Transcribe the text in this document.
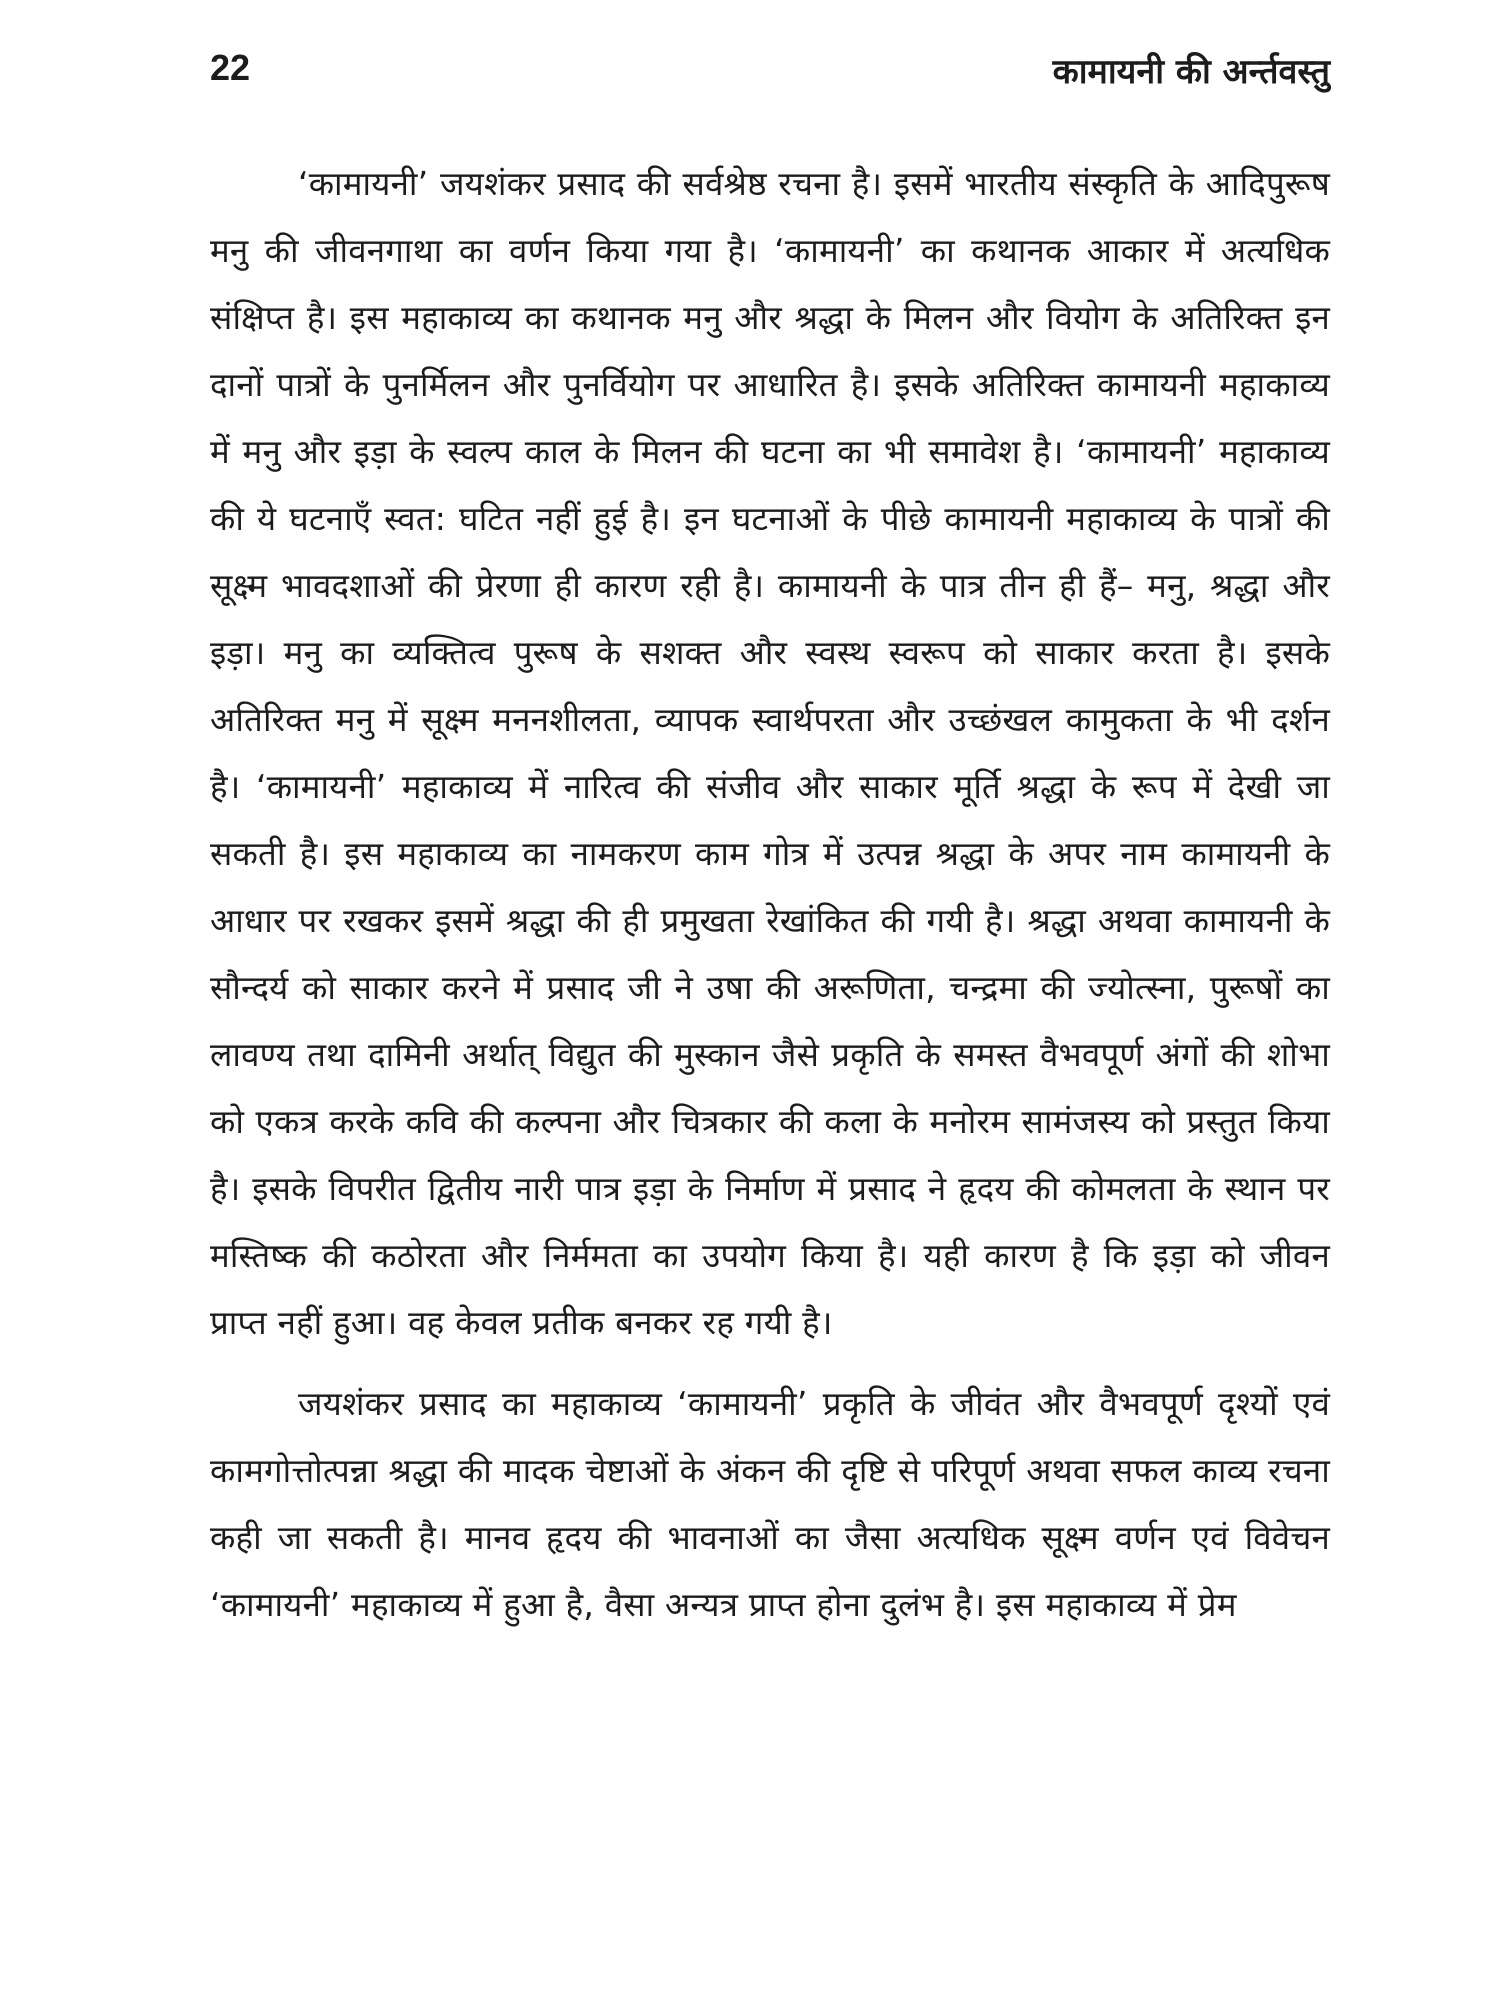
22	कामायनी की अर्न्तवस्तु

‘कामायनी’ जयशंकर प्रसाद की सर्वश्रेष्ठ रचना है। इसमें भारतीय संस्कृति के आदिपुरूष मनु की जीवनगाथा का वर्णन किया गया है। ‘कामायनी’ का कथानक आकार में अत्यधिक संक्षिप्त है। इस महाकाव्य का कथानक मनु और श्रद्धा के मिलन और वियोग के अतिरिक्त इन दानों पात्रों के पुनर्मिलन और पुनर्वियोग पर आधारित है। इसके अतिरिक्त कामायनी महाकाव्य में मनु और इड़ा के स्वल्प काल के मिलन की घटना का भी समावेश है। ‘कामायनी’ महाकाव्य की ये घटनाएँ स्वत: घटित नहीं हुई है। इन घटनाओं के पीछे कामायनी महाकाव्य के पात्रों की सूक्ष्म भावदशाओं की प्रेरणा ही कारण रही है। कामायनी के पात्र तीन ही हैं– मनु, श्रद्धा और इड़ा। मनु का व्यक्तित्व पुरूष के सशक्त और स्वस्थ स्वरूप को साकार करता है। इसके अतिरिक्त मनु में सूक्ष्म मननशीलता, व्यापक स्वार्थपरता और उच्छंखल कामुकता के भी दर्शन है। ‘कामायनी’ महाकाव्य में नारित्व की संजीव और साकार मूर्ति श्रद्धा के रूप में देखी जा सकती है। इस महाकाव्य का नामकरण काम गोत्र में उत्पन्न श्रद्धा के अपर नाम कामायनी के आधार पर रखकर इसमें श्रद्धा की ही प्रमुखता रेखांकित की गयी है। श्रद्धा अथवा कामायनी के सौन्दर्य को साकार करने में प्रसाद जी ने उषा की अरूणिता, चन्द्रमा की ज्योत्स्ना, पुरूषों का लावण्य तथा दामिनी अर्थात् विद्युत की मुस्कान जैसे प्रकृति के समस्त वैभवपूर्ण अंगों की शोभा को एकत्र करके कवि की कल्पना और चित्रकार की कला के मनोरम सामंजस्य को प्रस्तुत किया है। इसके विपरीत द्वितीय नारी पात्र इड़ा के निर्माण में प्रसाद ने हृदय की कोमलता के स्थान पर मस्तिष्क की कठोरता और निर्ममता का उपयोग किया है। यही कारण है कि इड़ा को जीवन प्राप्त नहीं हुआ। वह केवल प्रतीक बनकर रह गयी है।

जयशंकर प्रसाद का महाकाव्य ‘कामायनी’ प्रकृति के जीवंत और वैभवपूर्ण दृश्यों एवं कामगोत्तोत्पन्ना श्रद्धा की मादक चेष्टाओं के अंकन की दृष्टि से परिपूर्ण अथवा सफल काव्य रचना कही जा सकती है। मानव हृदय की भावनाओं का जैसा अत्यधिक सूक्ष्म वर्णन एवं विवेचन ‘कामायनी’ महाकाव्य में हुआ है, वैसा अन्यत्र प्राप्त होना दुलंभ है। इस महाकाव्य में प्रेम
